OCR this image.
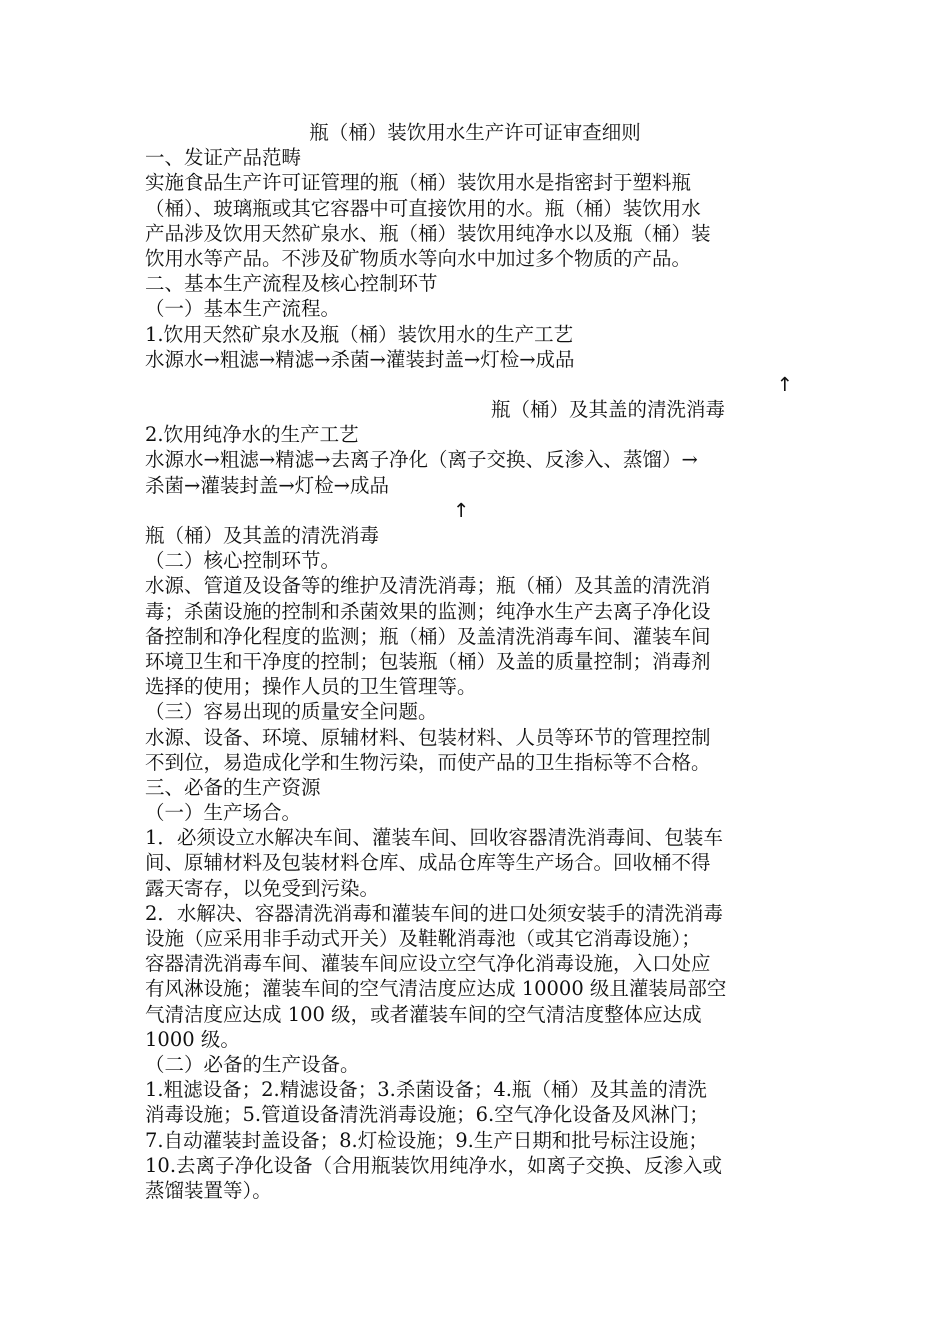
瓶（桶）装饮用水生产许可证审查细则
一、发证产品范畴
实施食品生产许可证管理的瓶（桶）装饮用水是指密封于塑料瓶
（桶）、玻璃瓶或其它容器中可直接饮用的水。瓶（桶）装饮用水
产品涉及饮用天然矿泉水、瓶（桶）装饮用纯净水以及瓶（桶）装
饮用水等产品。不涉及矿物质水等向水中加过多个物质的产品。
二、基本生产流程及核心控制环节
（一）基本生产流程。
1.饮用天然矿泉水及瓶（桶）装饮用水的生产工艺
水源水→粗滤→精滤→杀菌→灌装封盖→灯检→成品
↑
瓶（桶）及其盖的清洗消毒
2.饮用纯净水的生产工艺
水源水→粗滤→精滤→去离子净化（离子交换、反渗入、蒸馏）→
杀菌→灌装封盖→灯检→成品
↑
瓶（桶）及其盖的清洗消毒
（二）核心控制环节。
水源、管道及设备等的维护及清洗消毒；瓶（桶）及其盖的清洗消
毒；杀菌设施的控制和杀菌效果的监测；纯净水生产去离子净化设
备控制和净化程度的监测；瓶（桶）及盖清洗消毒车间、灌装车间
环境卫生和干净度的控制；包装瓶（桶）及盖的质量控制；消毒剂
选择的使用；操作人员的卫生管理等。
（三）容易出现的质量安全问题。
水源、设备、环境、原辅材料、包装材料、人员等环节的管理控制
不到位，易造成化学和生物污染，而使产品的卫生指标等不合格。
三、必备的生产资源
（一）生产场合。
1．必须设立水解决车间、灌装车间、回收容器清洗消毒间、包装车
间、原辅材料及包装材料仓库、成品仓库等生产场合。回收桶不得
露天寄存，以免受到污染。
2．水解决、容器清洗消毒和灌装车间的进口处须安装手的清洗消毒
设施（应采用非手动式开关）及鞋靴消毒池（或其它消毒设施）；
容器清洗消毒车间、灌装车间应设立空气净化消毒设施，入口处应
有风淋设施；灌装车间的空气清洁度应达成 10000 级且灌装局部空
气清洁度应达成 100 级，或者灌装车间的空气清洁度整体应达成
1000 级。
（二）必备的生产设备。
1.粗滤设备；2.精滤设备；3.杀菌设备；4.瓶（桶）及其盖的清洗
消毒设施；5.管道设备清洗消毒设施；6.空气净化设备及风淋门；
7.自动灌装封盖设备；8.灯检设施；9.生产日期和批号标注设施；
10.去离子净化设备（合用瓶装饮用纯净水，如离子交换、反渗入或
蒸馏装置等）。
